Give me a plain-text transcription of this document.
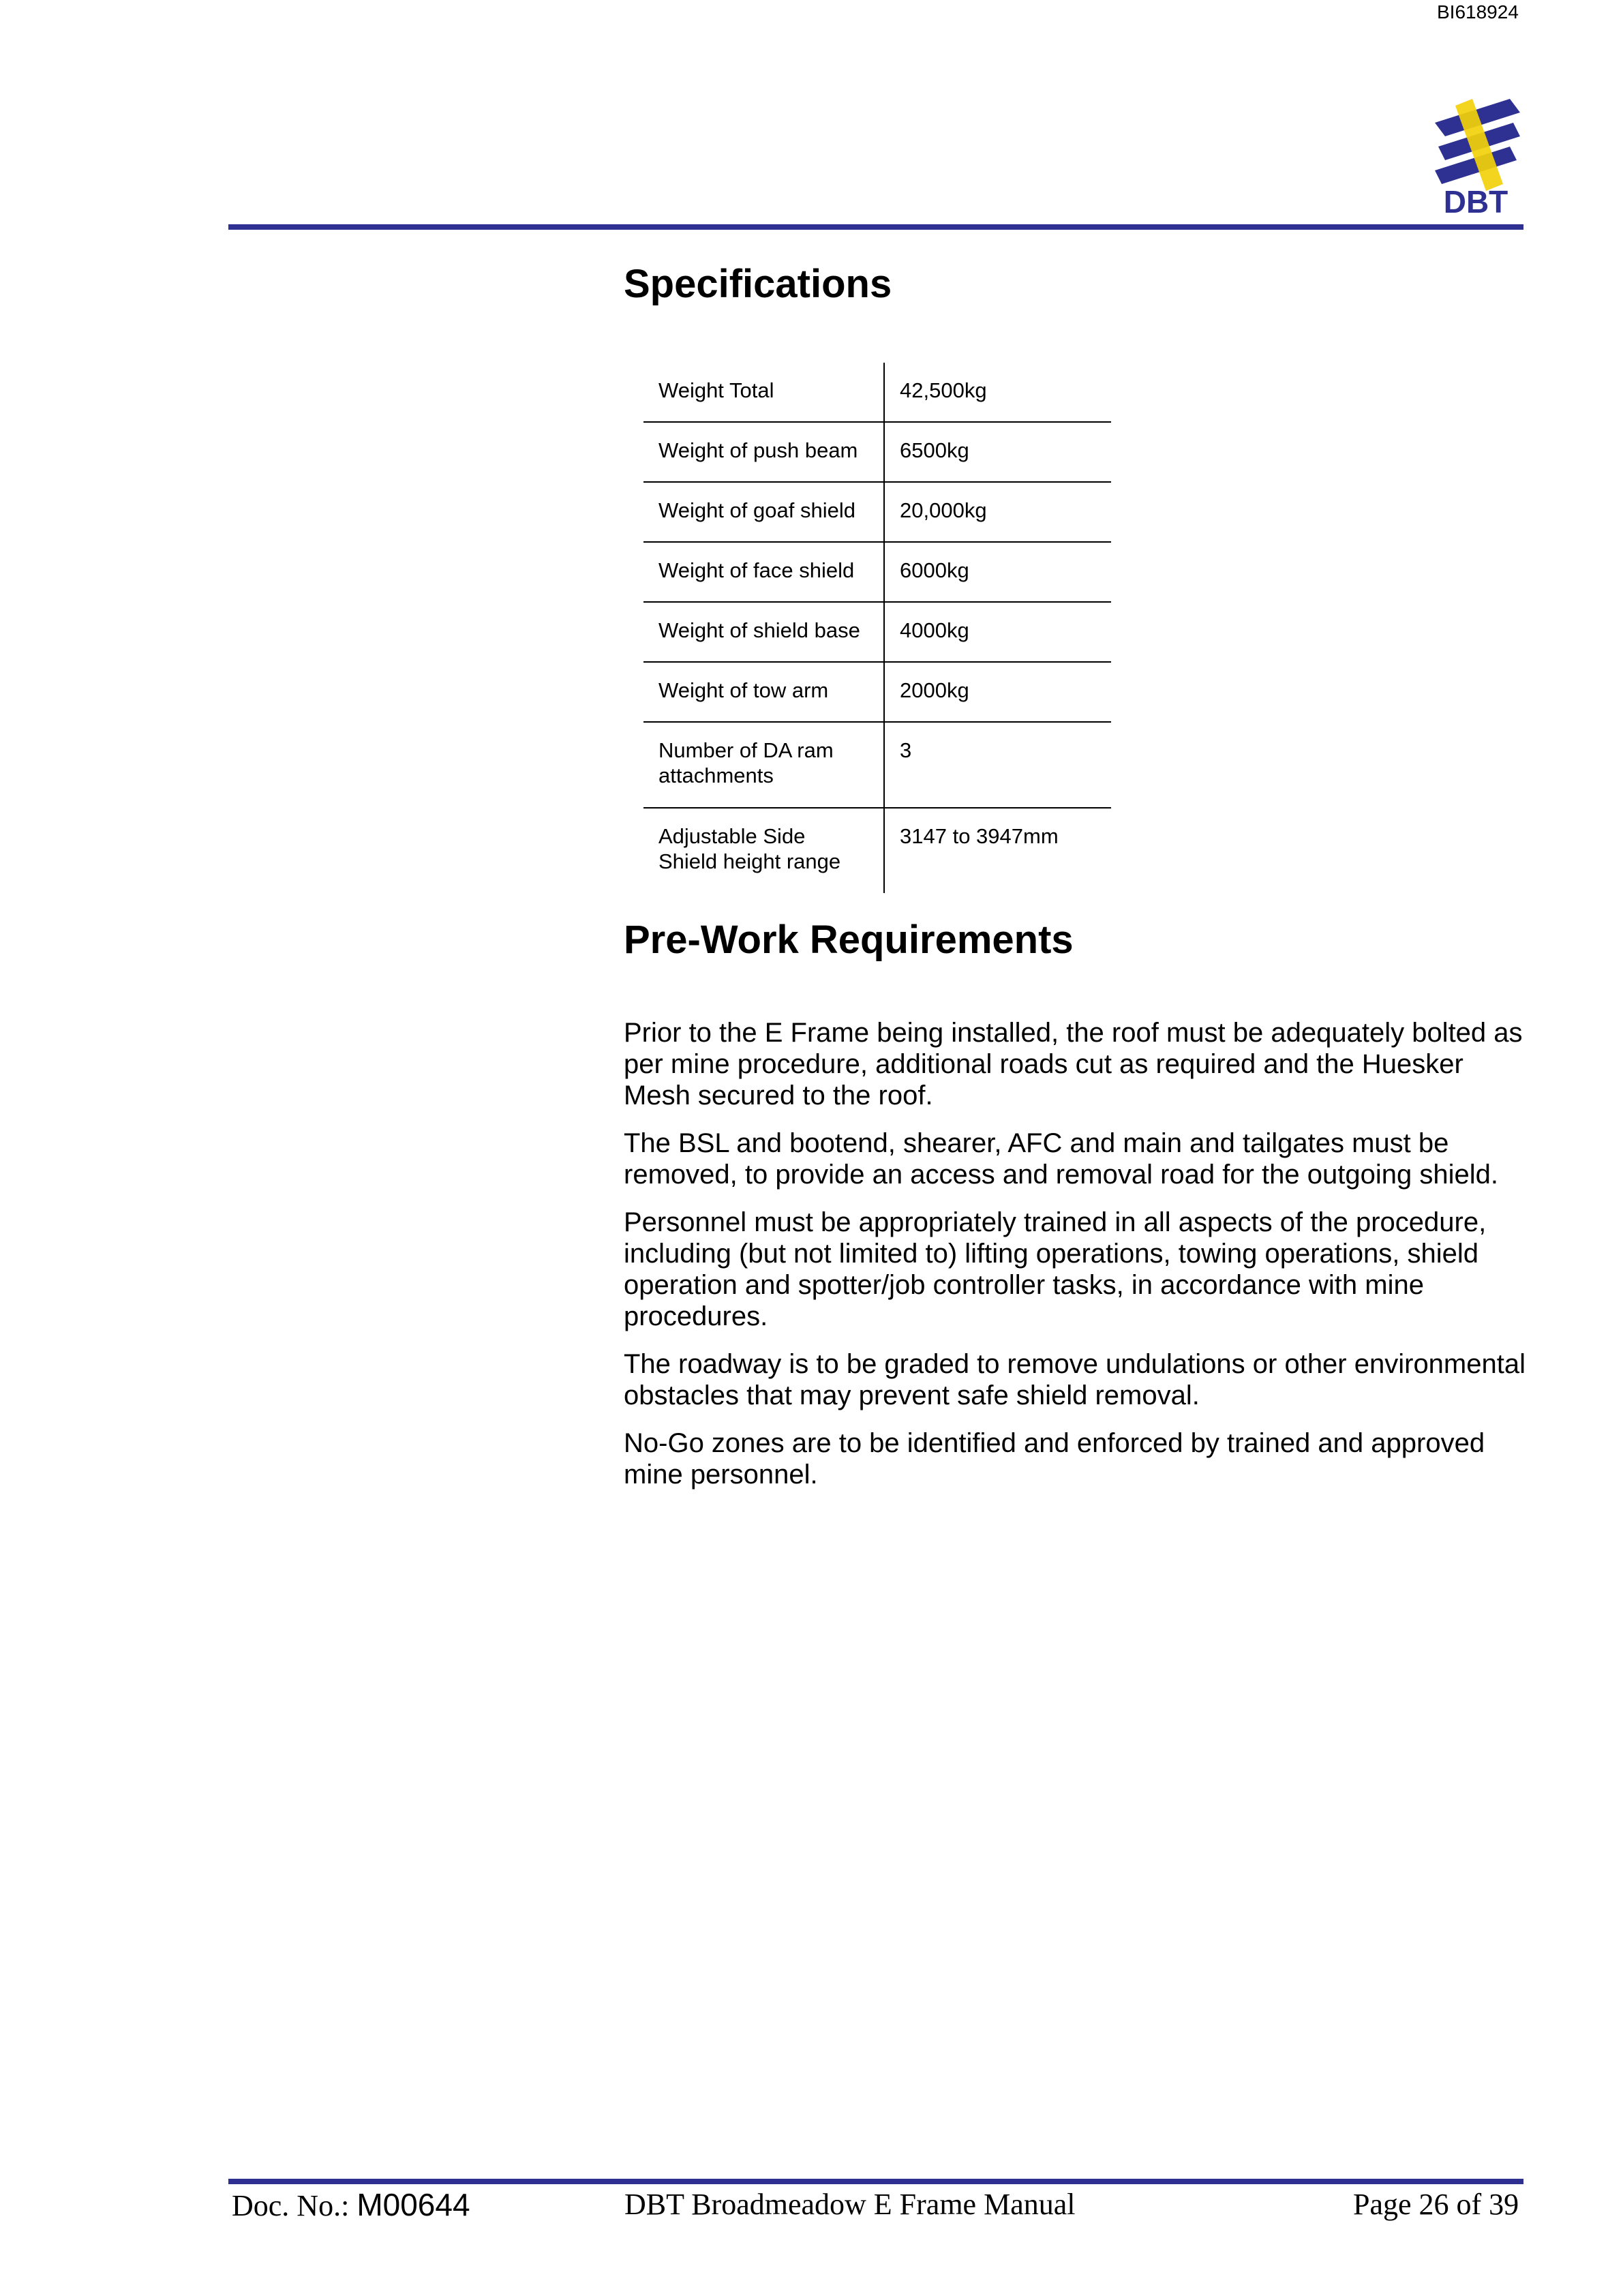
BI618924
DBT
Specifications
Weight Total	42,500kg
Weight of push beam	6500kg
Weight of goaf shield	20,000kg
Weight of face shield	6000kg
Weight of shield base	4000kg
Weight of tow arm	2000kg
Number of DA ram attachments	3
Adjustable Side Shield height range	3147 to 3947mm
Pre-Work Requirements

Prior to the E Frame being installed, the roof must be adequately bolted as per mine procedure, additional roads cut as required and the Huesker Mesh secured to the roof.

The BSL and bootend, shearer, AFC and main and tailgates must be removed, to provide an access and removal road for the outgoing shield.

Personnel must be appropriately trained in all aspects of the procedure, including (but not limited to) lifting operations, towing operations, shield operation and spotter/job controller tasks, in accordance with mine procedures.

The roadway is to be graded to remove undulations or other environmental obstacles that may prevent safe shield removal.

No-Go zones are to be identified and enforced by trained and approved mine personnel.

Doc. No.: M00644	DBT Broadmeadow E Frame Manual	Page 26 of 39
